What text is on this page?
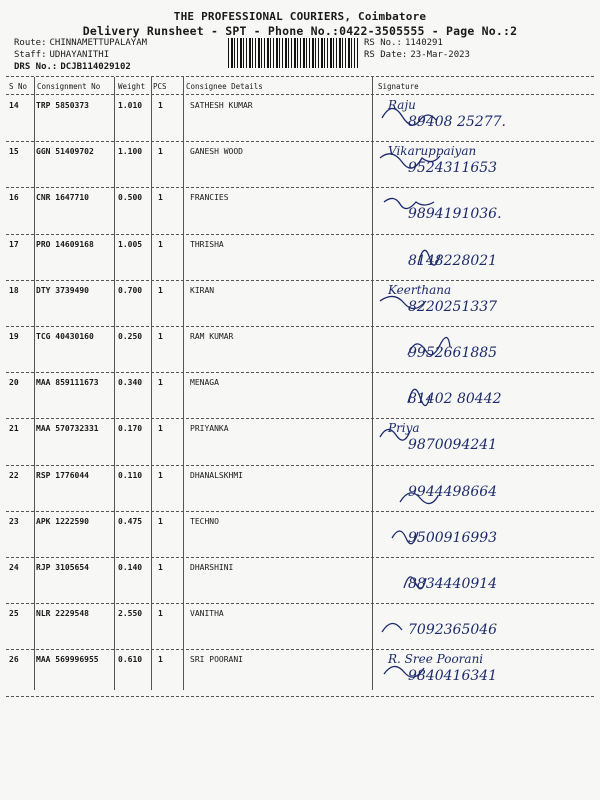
THE PROFESSIONAL COURIERS, Coimbatore
Delivery Runsheet - SPT - Phone No.:0422-3505555 - Page No.:2
Route: CHINNAMETTUPALAYAM
Staff: UDHAYANITHI
DRS No.: DCJB114029102
RS No.: 1140291
RS Date: 23-Mar-2023
S No Consignment No Weight PCS	Consignee Details	Signature
14 TRP 5850373	1.010 1	SATHESH KUMAR	Raju
89408 25277.
15 GGN 51409702	1.100 1	GANESH WOOD	Vikaruppaiyan
9524311653
16 CNR 1647710	0.500 1	FRANCIES
9894191036.
17 PRO 14609168	1.005 1	THRISHA
8148228021
18 DTY 3739490	0.700 1	KIRAN	Keerthana
8220251337
19 TCG 40430160	0.250 1	RAM KUMAR
9952661885
20 MAA 859111673 0.340 1	MENAGA
81402 80442
21 MAA 570732331 0.170 1	PRIYANKA	Priya
9870094241
22 RSP 1776044	0.110 1	DHANALSKHMI
9944498664
23 APK 1222590	0.475 1	TECHNO
9500916993
24 RJP 3105654	0.140 1	DHARSHINI
8834440914
25 NLR 2229548	2.550 1	VANITHA
7092365046
26 MAA 569996955 0.610 1	SRI POORANI	R. Sree Poorani
9840416341
